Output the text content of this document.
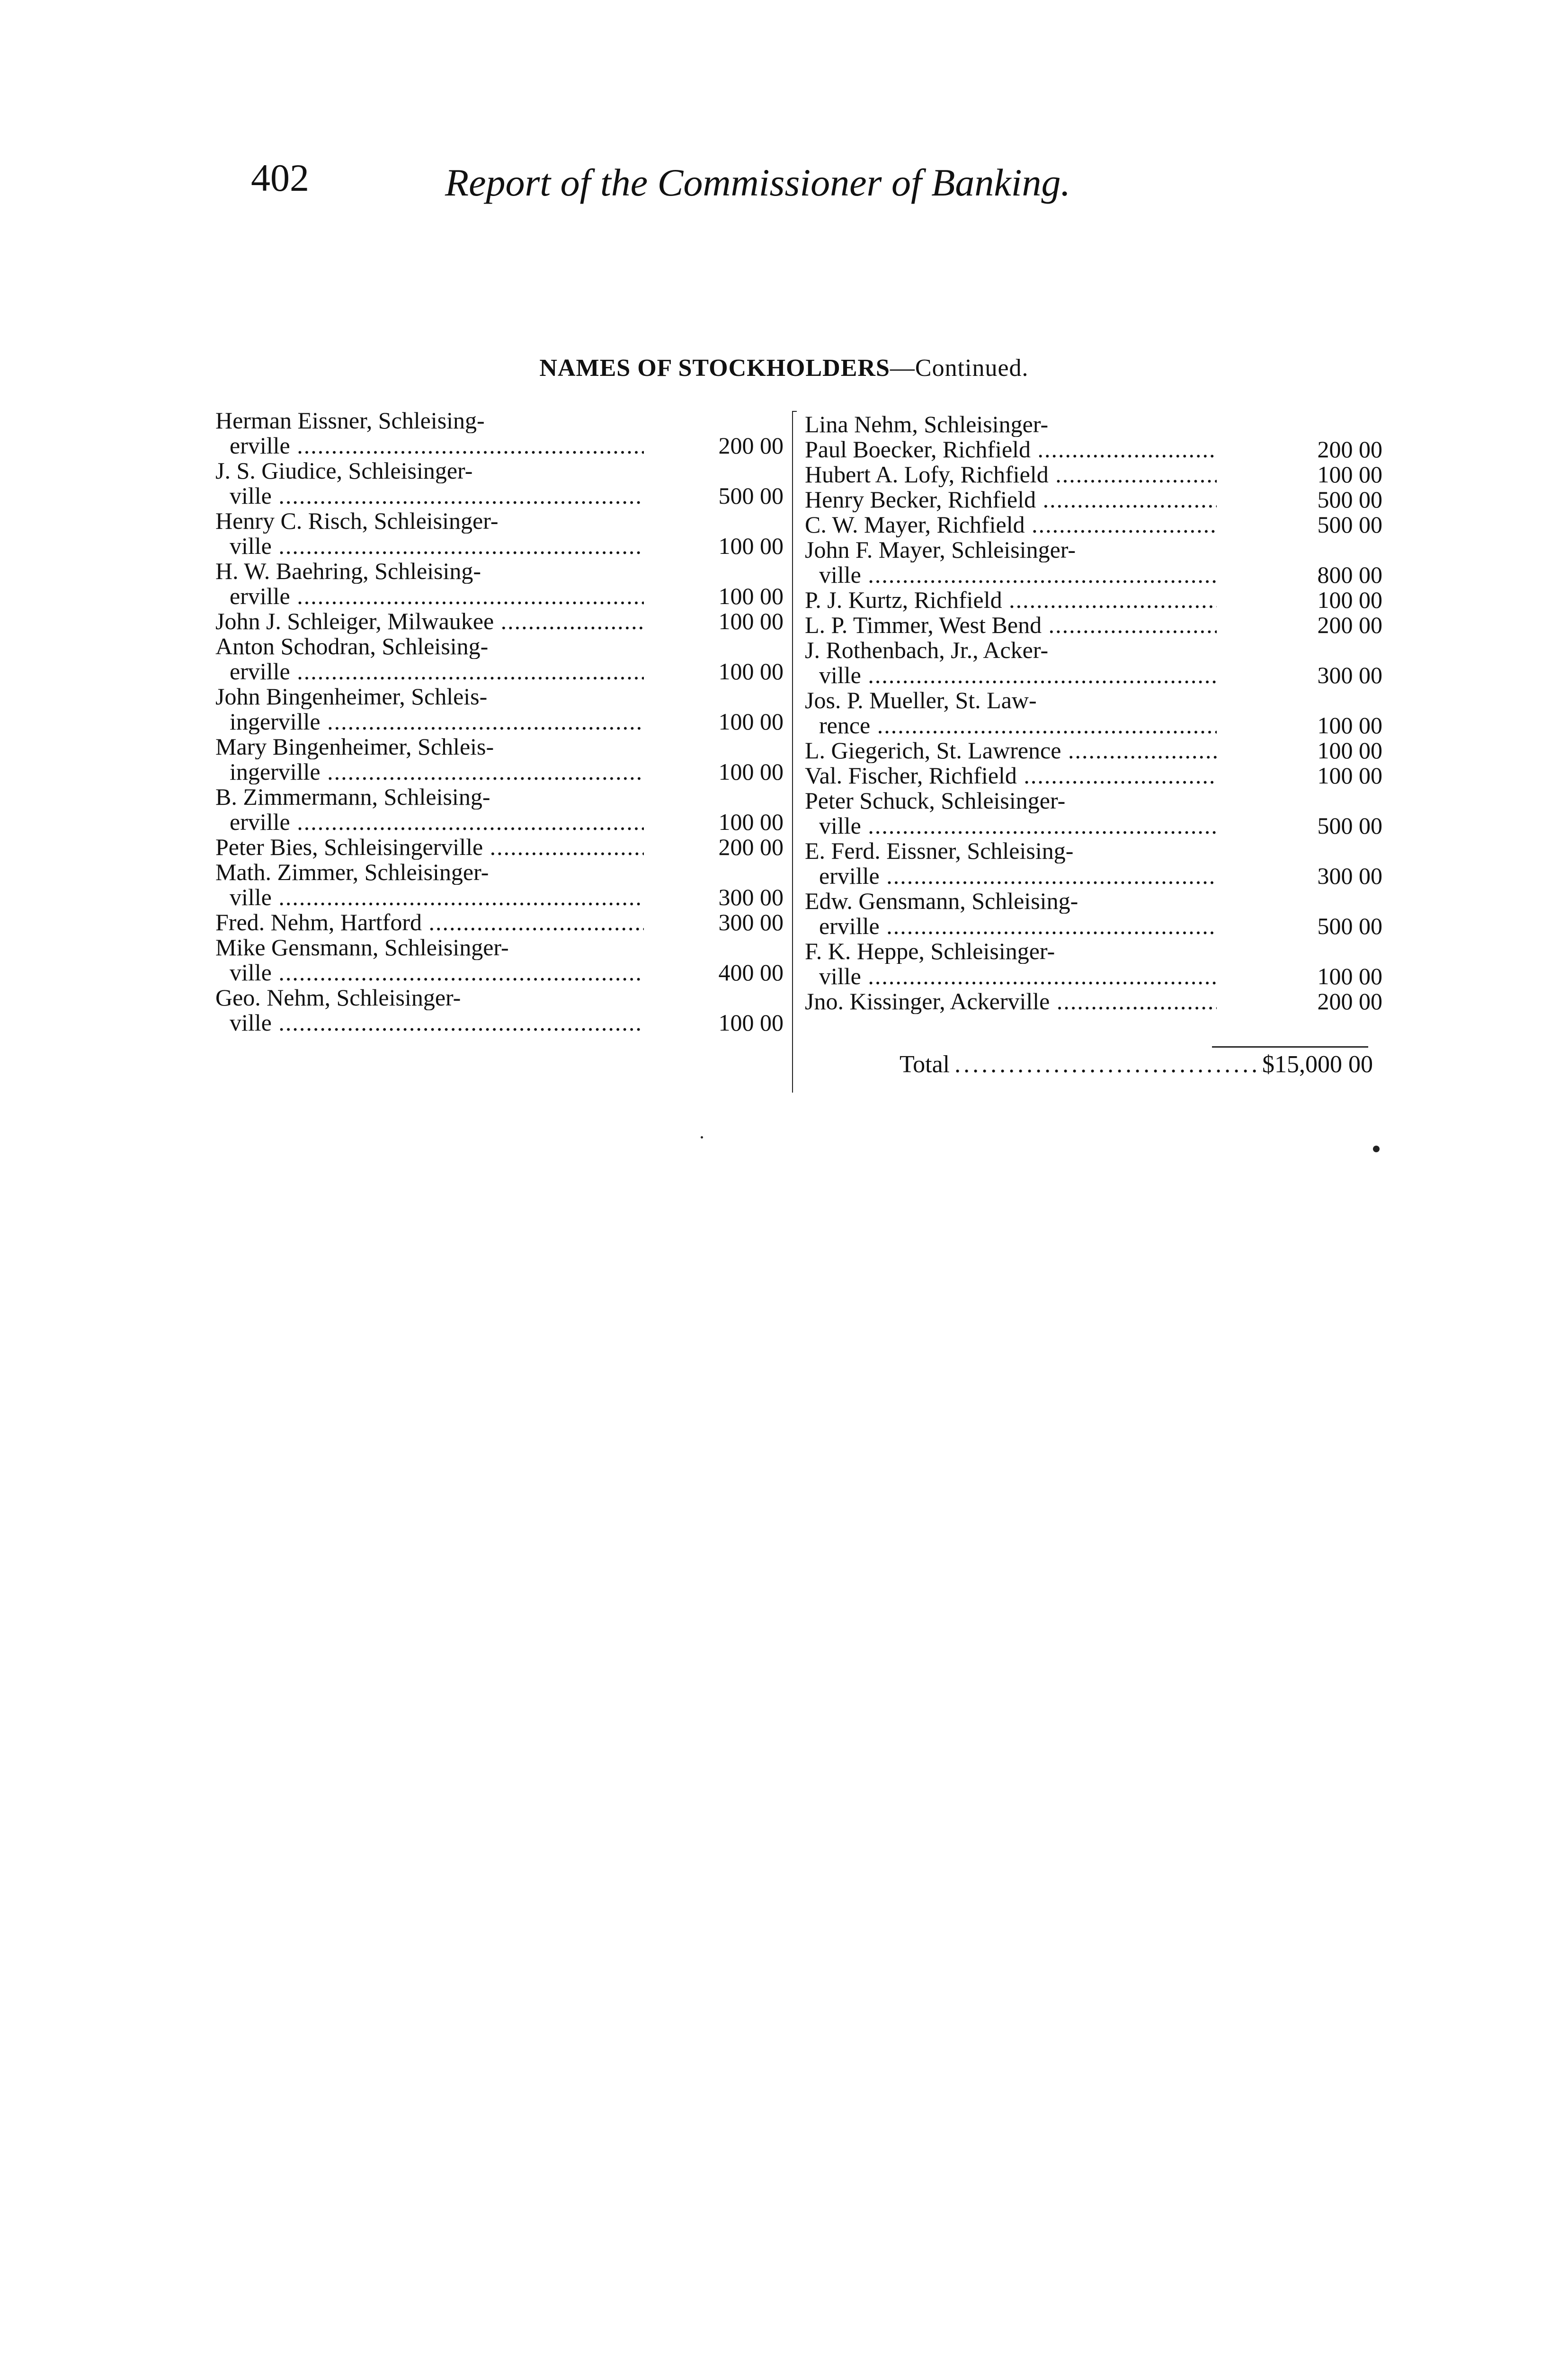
402	Report of the Commissioner of Banking.
NAMES OF STOCKHOLDERS—Continued.
Herman Eissner, Schleising-
erville .....	200 00
J. S. Giudice, Schleisinger-
ville .....	500 00
Henry C. Risch, Schleisinger-
ville .....	100 00
H. W. Baehring, Schleising-
erville .....	100 00
John J. Schleiger, Milwaukee .....	100 00
Anton Schodran, Schleising-
erville .....	100 00
John Bingenheimer, Schleis-
ingerville .....	100 00
Mary Bingenheimer, Schleis-
ingerville .....	100 00
B. Zimmermann, Schleising-
erville .....	100 00
Peter Bies, Schleisingerville .....	200 00
Math. Zimmer, Schleisinger-
ville .....	300 00
Fred. Nehm, Hartford .....	300 00
Mike Gensmann, Schleisinger-
ville .....	400 00
Geo. Nehm, Schleisinger-
ville .....	100 00
Lina Nehm, Schleisinger-
Paul Boecker, Richfield .....	200 00
Hubert A. Lofy, Richfield .....	100 00
Henry Becker, Richfield .....	500 00
C. W. Mayer, Richfield .....	500 00
John F. Mayer, Schleisinger-
ville .....	800 00
P. J. Kurtz, Richfield .....	100 00
L. P. Timmer, West Bend .....	200 00
J. Rothenbach, Jr., Acker-
ville .....	300 00
Jos. P. Mueller, St. Law-
rence .....	100 00
L. Giegerich, St. Lawrence .....	100 00
Val. Fischer, Richfield .....	100 00
Peter Schuck, Schleisinger-
ville .....	500 00
E. Ferd. Eissner, Schleising-
erville .....	300 00
Edw. Gensmann, Schleising-
erville .....	500 00
F. K. Heppe, Schleisinger-
ville .....	100 00
Jno. Kissinger, Ackerville .....	200 00
Total
.....	$15,000 00
